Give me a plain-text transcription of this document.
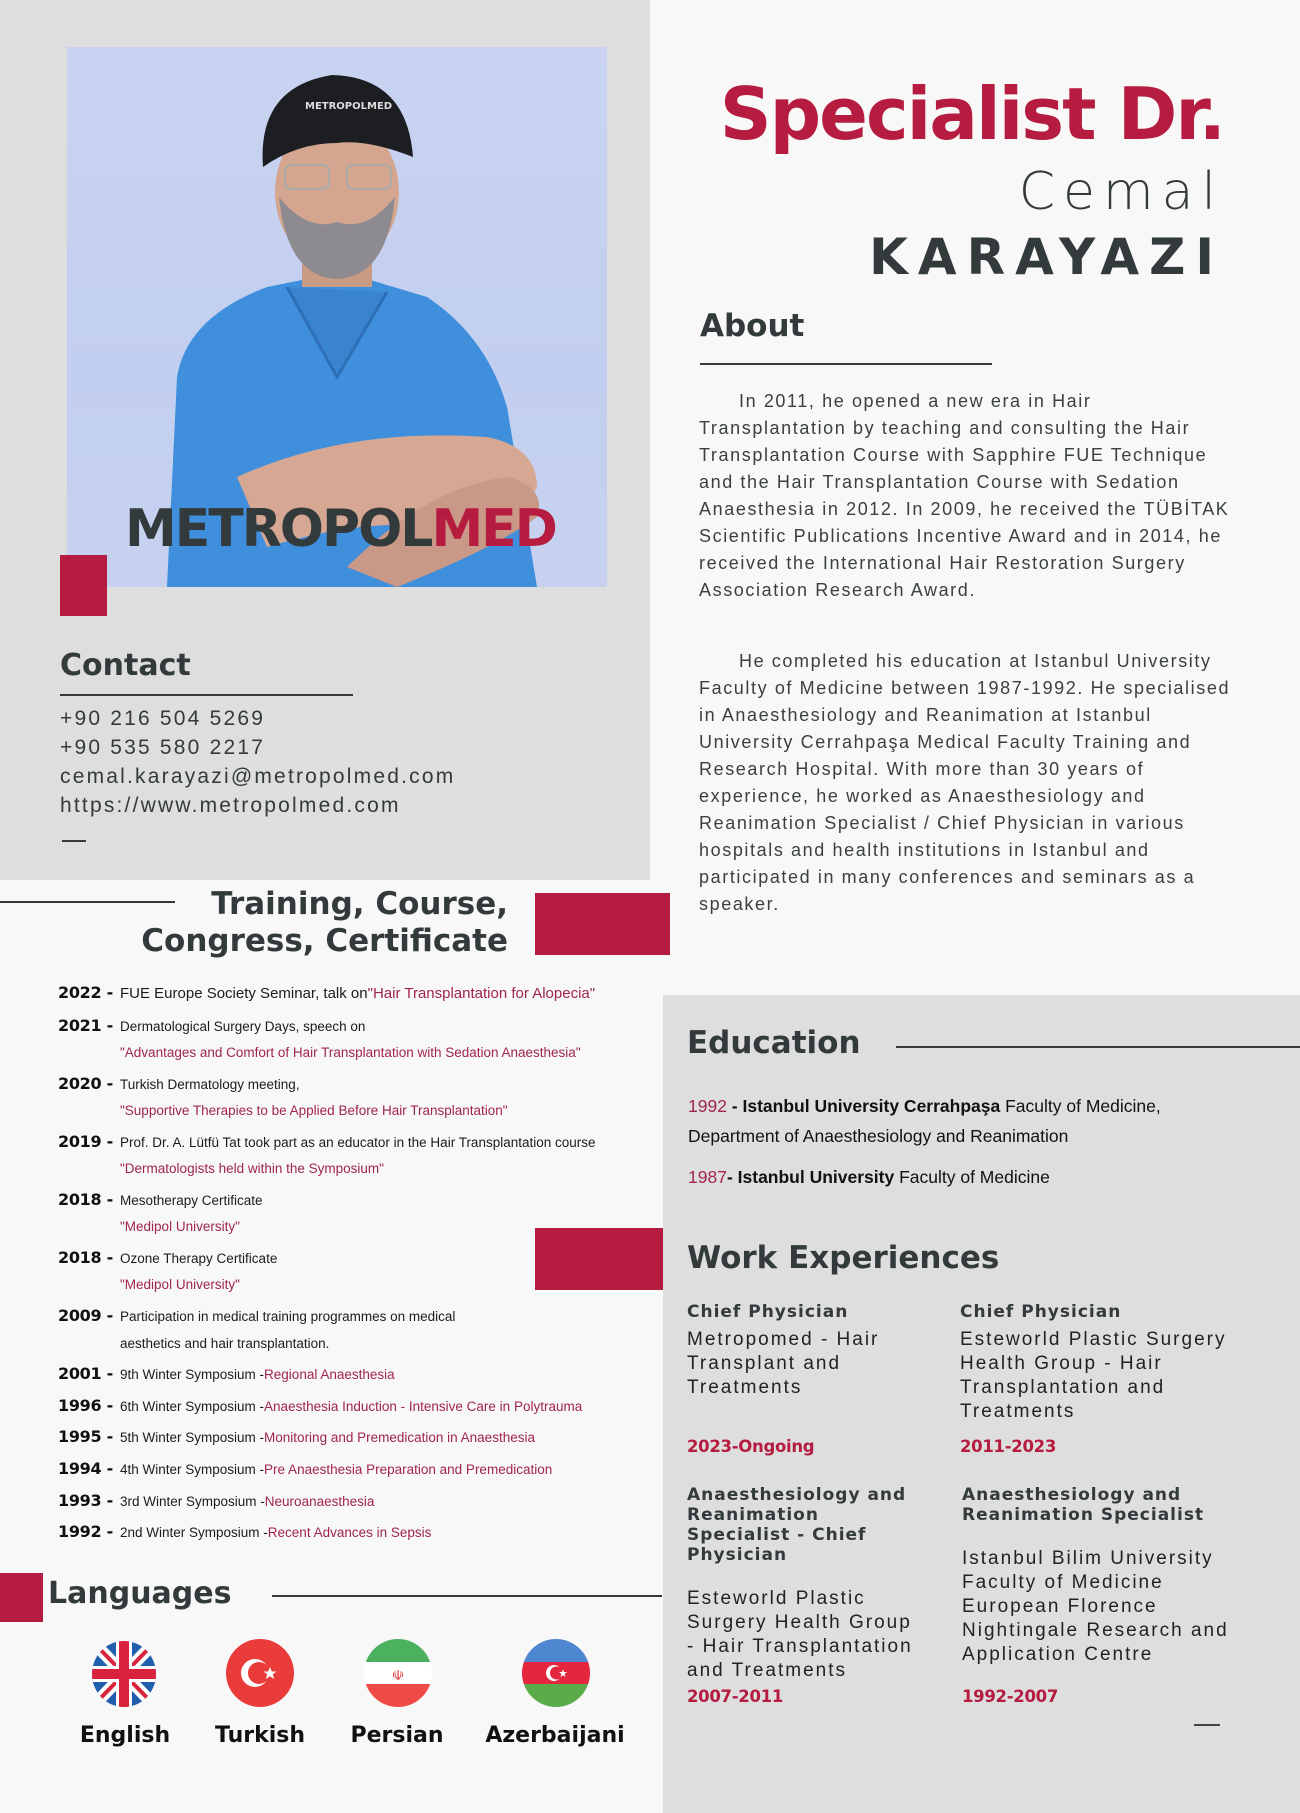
METROPOLMED
METROPOLMED
Contact
+90 216 504 5269
+90 535 580 2217
cemal.karayazi@metropolmed.com
https://www.metropolmed.com
Specialist Dr.
Cemal
KARAYAZI
About

In 2011, he opened a new era in Hair Transplantation by teaching and consulting the Hair Transplantation Course with Sapphire FUE Technique and the Hair Transplantation Course with Sedation Anaesthesia in 2012. In 2009, he received the TÜBİTAK Scientific Publications Incentive Award and in 2014, he received the International Hair Restoration Surgery Association Research Award.

He completed his education at Istanbul University Faculty of Medicine between 1987-1992. He specialised in Anaesthesiology and Reanimation at Istanbul University Cerrahpaşa Medical Faculty Training and Research Hospital. With more than 30 years of experience, he worked as Anaesthesiology and Reanimation Specialist / Chief Physician in various hospitals and health institutions in Istanbul and participated in many conferences and seminars as a speaker.

Training, Course,
Congress, Certificate
2022 - FUE Europe Society Seminar, talk on "Hair Transplantation for Alopecia"
2021 - Dermatological Surgery Days, speech on
"Advantages and Comfort of Hair Transplantation with Sedation Anaesthesia"
2020 - Turkish Dermatology meeting,
"Supportive Therapies to be Applied Before Hair Transplantation"
2019 - Prof. Dr. A. Lütfü Tat took part as an educator in the Hair Transplantation course
"Dermatologists held within the Symposium"
2018 - Mesotherapy Certificate
"Medipol University"
2018 - Ozone Therapy Certificate
"Medipol University"
2009 - Participation in medical training programmes on medical
aesthetics and hair transplantation.
2001 - 9th Winter Symposium - Regional Anaesthesia
1996 - 6th Winter Symposium - Anaesthesia Induction - Intensive Care in Polytrauma
1995 - 5th Winter Symposium - Monitoring and Premedication in Anaesthesia
1994 - 4th Winter Symposium - Pre Anaesthesia Preparation and Premedication
1993 - 3rd Winter Symposium - Neuroanaesthesia
1992 - 2nd Winter Symposium - Recent Advances in Sepsis
Languages
☫
English	Turkish	Persian	Azerbaijani
Education
1992 - Istanbul University Cerrahpaşa Faculty of Medicine,
Department of Anaesthesiology and Reanimation
1987- Istanbul University Faculty of Medicine
Work Experiences
Chief Physician
Metropomed - Hair Transplant and Treatments
2023-Ongoing
Chief Physician
Esteworld Plastic Surgery Health Group - Hair Transplantation and Treatments
2011-2023
Anaesthesiology and Reanimation Specialist - Chief Physician
Esteworld Plastic Surgery Health Group - Hair Transplantation and Treatments
2007-2011
Anaesthesiology and Reanimation Specialist
Istanbul Bilim University Faculty of Medicine European Florence Nightingale Research and Application Centre
1992-2007
